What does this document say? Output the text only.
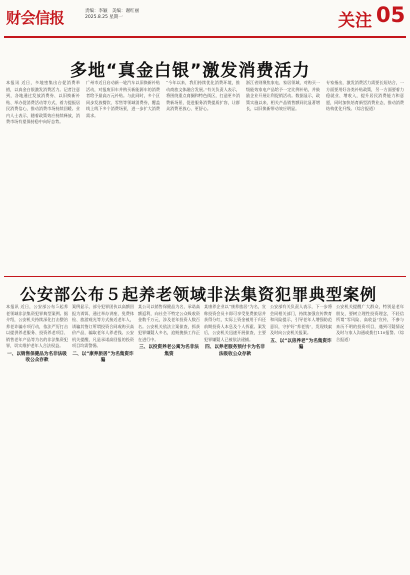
财会信报	责编：李颖　美编：谢红丽　2025.8.25 星期一	关注 05
多地“真金白银”激发消费活力
本报讯 近日，多地密集出台促消费举措，以真金白银激发消费活力。记者注意到，各地通过发放消费券、以旧换新补贴、举办促消费活动等方式，着力提振居民消费信心，推动消费市场持续回暖。业内人士表示，随着政策效应持续释放，消费市场有望保持稳中向好态势。
广州市近日启动新一轮汽车以旧换新补贴活动，对报废旧车并购买新能源车的消费者给予最高万元补贴。与此同时，多个区同步发放餐饮、零售等领域消费券，覆盖线上线下多个消费场景，进一步扩大消费需求。
“今年以来，我们持续优化消费环境，推动商旅文体融合发展。”有关负责人表示，将围绕重点商圈和特色街区，打造更多消费新场景，促进服务消费提质扩容，让群众消费更放心、更舒心。
浙江省则聚焦家电、家居领域，对购买一级能效家电产品给予一定比例补贴，并鼓励企业开展让利促销活动。数据显示，政策实施以来，相关产品销售额同比显著增长，以旧换新带动效应明显。
专家指出，激发消费活力需要长短结合，一方面要用好各类补贴政策，另一方面要着力稳就业、增收入，提升居民消费能力和意愿，同时加快培育新型消费业态，推动消费结构优化升级。（综合报道）
公安部公布５起养老领域非法集资犯罪典型案例
本报讯 近日，公安部公布５起养老领域非法集资犯罪典型案例。据介绍，公安机关持续深化打击整治养老诈骗专项行动，依法严厉打击以提供养老服务、投资养老项目、销售老年产品等为名的非法集资犯罪，切实维护老年人合法权益。
一、以销售保健品为名非法吸收公众存款
案例显示，部分犯罪团伙以高额回报为诱饵，通过举办讲座、免费体检、旅游观光等方式接近老年人，诱骗其签订所谓投资合同或购买高价产品，骗取老年人养老钱。公安机关提醒，凡是承诺高回报的投资项目均需警惕。
二、以“康养旅居”为名集资诈骗
某公司以销售保健品为名，承诺高额返利，向社会不特定公众吸收资金数千万元，涉及老年投资人数百名。公安机关依法立案侦查，抓获犯罪嫌疑人多名，追赃挽损工作正在进行中。
三、以投资养老公寓为名非法集资
某康养企业以“康养旅居”为名，宣称投资会员卡即可享受免费旅居并获得分红，实际上资金被用于归还前期投资人本息及个人挥霍。案发后，公安机关迅速开展侦查，主要犯罪嫌疑人已被依法逮捕。
四、以养老服务预付卡为名非法吸收公众存款
公安部有关负责人表示，下一步将会同相关部门，持续加强宣传教育和风险提示，引导老年人增强防范意识，守护好“养老钱”，发现线索及时向公安机关报案。
五、以“以房养老”为名集资诈骗
公安机关提醒广大群众，特别是老年朋友，要树立理性投资理念，不轻信所谓“零风险、高收益”宣传，不参与来历不明的投资项目，遇到可疑情况及时与家人沟通或拨打110报警。（综合报道）
